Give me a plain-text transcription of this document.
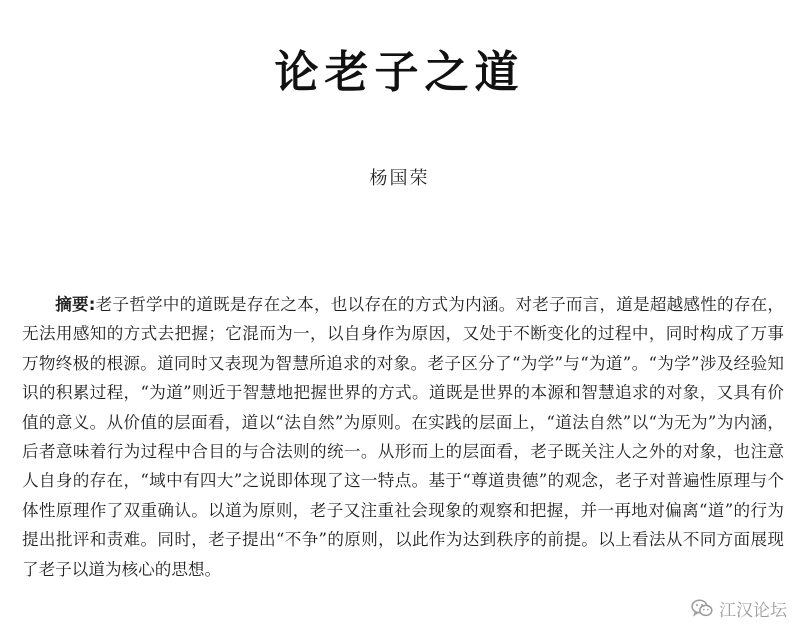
论老子之道
杨国荣

摘要:老子哲学中的道既是存在之本，也以存在的方式为内涵。对老子而言，道是超越感性的存在，无法用感知的方式去把握；它混而为一，以自身作为原因，又处于不断变化的过程中，同时构成了万事万物终极的根源。道同时又表现为智慧所追求的对象。老子区分了“为学”与“为道”。“为学”涉及经验知识的积累过程，“为道”则近于智慧地把握世界的方式。道既是世界的本源和智慧追求的对象，又具有价值的意义。从价值的层面看，道以“法自然”为原则。在实践的层面上，“道法自然”以“为无为”为内涵，后者意味着行为过程中合目的与合法则的统一。从形而上的层面看，老子既关注人之外的对象，也注意人自身的存在，“域中有四大”之说即体现了这一特点。基于“尊道贵德”的观念，老子对普遍性原理与个体性原理作了双重确认。以道为原则，老子又注重社会现象的观察和把握，并一再地对偏离“道”的行为提出批评和责难。同时，老子提出“不争”的原则，以此作为达到秩序的前提。以上看法从不同方面展现了老子以道为核心的思想。

江汉论坛
